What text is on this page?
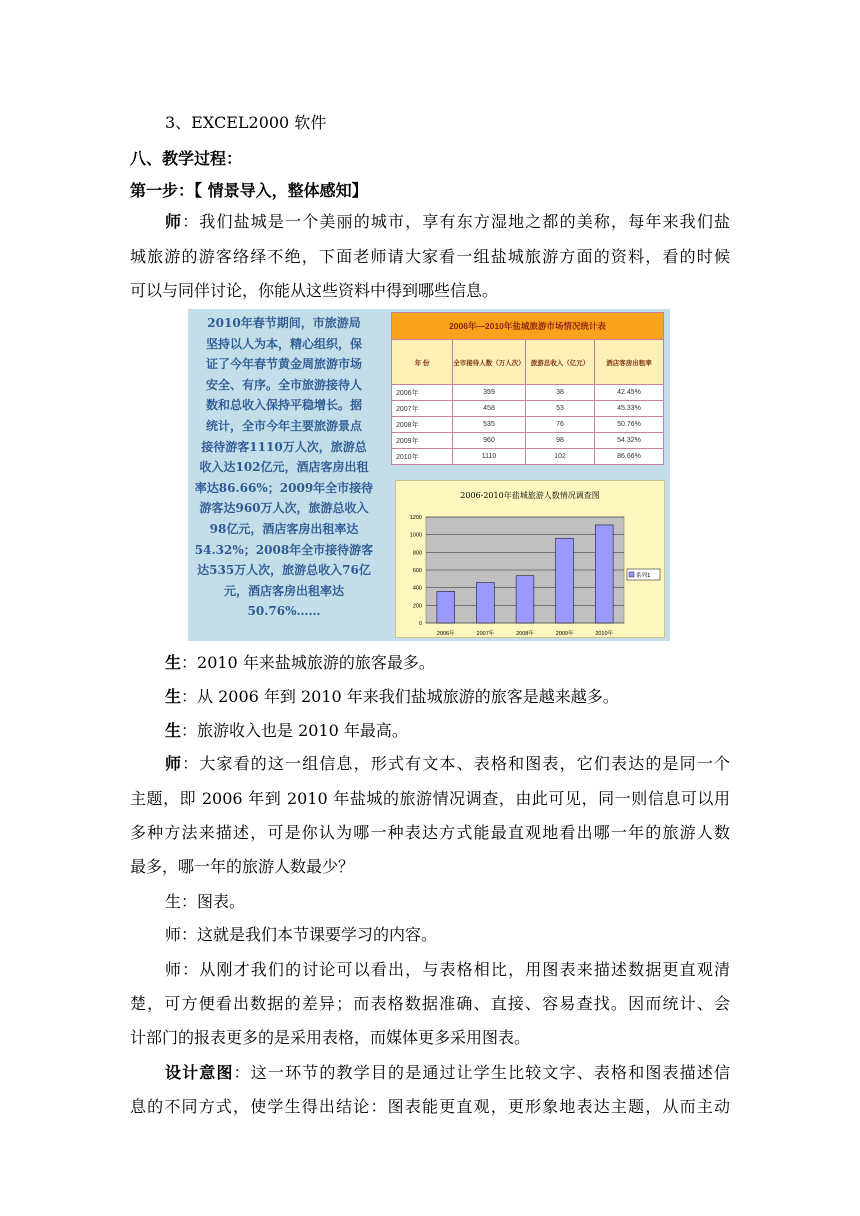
3、EXCEL2000 软件
八、教学过程：
第一步：【 情景导入，整体感知】
师：我们盐城是一个美丽的城市，享有东方湿地之都的美称，每年来我们盐
城旅游的游客络绎不绝，下面老师请大家看一组盐城旅游方面的资料，看的时候
可以与同伴讨论，你能从这些资料中得到哪些信息。
2010年春节期间，市旅游局
坚持以人为本，精心组织，保
证了今年春节黄金周旅游市场
安全、有序。全市旅游接待人
数和总收入保持平稳增长。据
统计，全市今年主要旅游景点
接待游客1110万人次，旅游总
收入达102亿元，酒店客房出租
率达86.66%；2009年全市接待
游客达960万人次，旅游总收入
98亿元，酒店客房出租率达
54.32%；2008年全市接待游客
达535万人次，旅游总收入76亿
元，酒店客房出租率达
50.76%……
2006年—2010年盐城旅游市场情况统计表			
年 份	全市接待人数（万人次）	旅游总收入（亿元）	酒店客房出租率
2006年	359	38	42.45%
2007年	458	53	45.33%
2008年	535	76	50.76%
2009年	960	98	54.32%
2010年	1110	102	86.66%
2006-2010年盐城旅游人数情况调查图
0
200
400
600
800
1000
1200
2006年	2007年	2008年	2009年	2010年
系列1
生：2010 年来盐城旅游的旅客最多。
生：从 2006 年到 2010 年来我们盐城旅游的旅客是越来越多。
生：旅游收入也是 2010 年最高。
师：大家看的这一组信息，形式有文本、表格和图表，它们表达的是同一个
主题，即 2006 年到 2010 年盐城的旅游情况调查，由此可见，同一则信息可以用
多种方法来描述，可是你认为哪一种表达方式能最直观地看出哪一年的旅游人数
最多，哪一年的旅游人数最少？
生：图表。
师：这就是我们本节课要学习的内容。
师：从刚才我们的讨论可以看出，与表格相比，用图表来描述数据更直观清
楚，可方便看出数据的差异；而表格数据准确、直接、容易查找。因而统计、会
计部门的报表更多的是采用表格，而媒体更多采用图表。
设计意图：这一环节的教学目的是通过让学生比较文字、表格和图表描述信
息的不同方式，使学生得出结论：图表能更直观，更形象地表达主题，从而主动
